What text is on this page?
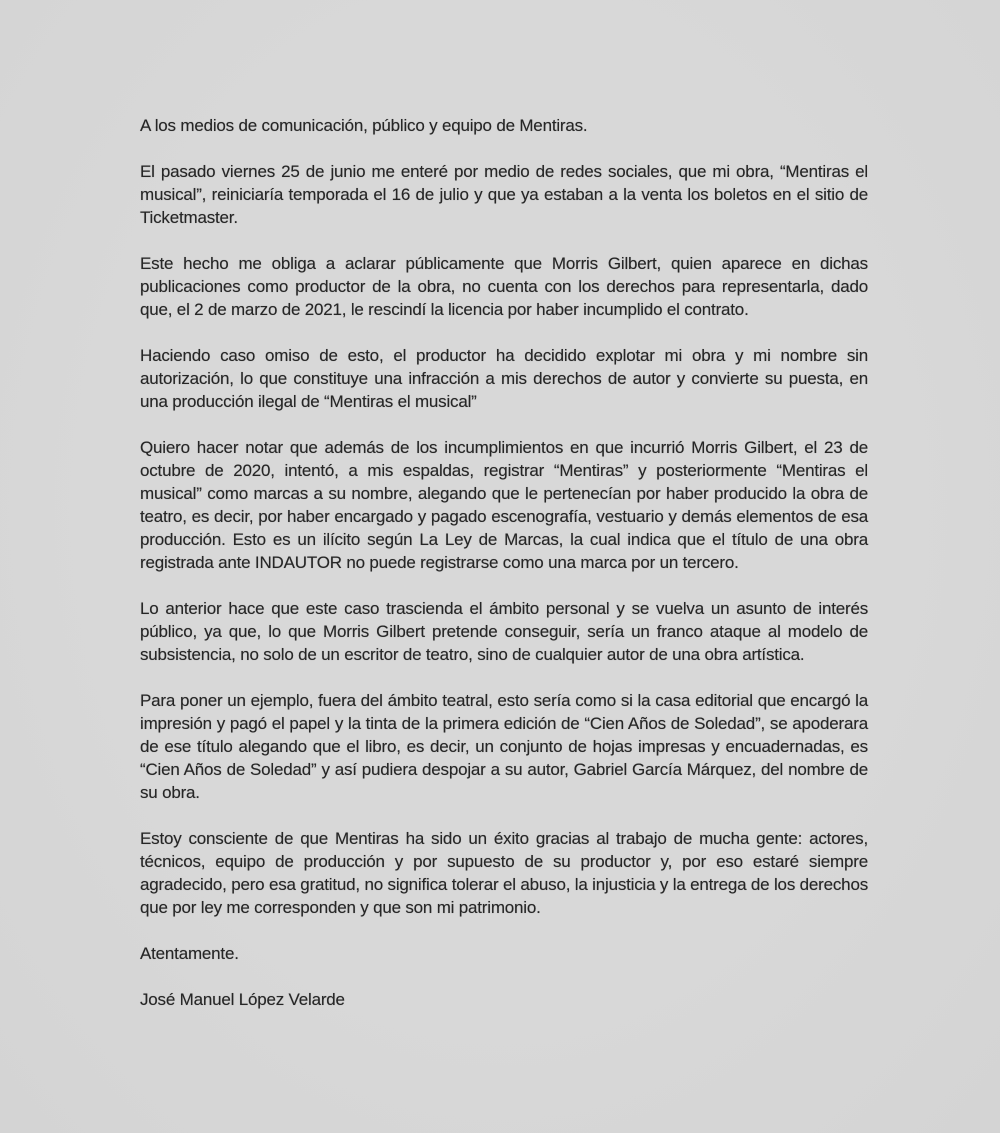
A los medios de comunicación, público y equipo de Mentiras.

El pasado viernes 25 de junio me enteré por medio de redes sociales, que mi obra, “Mentiras el musical”, reiniciaría temporada el 16 de julio y que ya estaban a la venta los boletos en el sitio de Ticketmaster.

Este hecho me obliga a aclarar públicamente que Morris Gilbert, quien aparece en dichas publicaciones como productor de la obra, no cuenta con los derechos para representarla, dado que, el 2 de marzo de 2021, le rescindí la licencia por haber incumplido el contrato.

Haciendo caso omiso de esto, el productor ha decidido explotar mi obra y mi nombre sin autorización, lo que constituye una infracción a mis derechos de autor y convierte su puesta, en una producción ilegal de “Mentiras el musical”

Quiero hacer notar que además de los incumplimientos en que incurrió Morris Gilbert, el 23 de octubre de 2020, intentó, a mis espaldas, registrar “Mentiras” y posteriormente “Mentiras el musical” como marcas a su nombre, alegando que le pertenecían por haber producido la obra de teatro, es decir, por haber encargado y pagado escenografía, vestuario y demás elementos de esa producción. Esto es un ilícito según La Ley de Marcas, la cual indica que el título de una obra registrada ante INDAUTOR no puede registrarse como una marca por un tercero.

Lo anterior hace que este caso trascienda el ámbito personal y se vuelva un asunto de interés público, ya que, lo que Morris Gilbert pretende conseguir, sería un franco ataque al modelo de subsistencia, no solo de un escritor de teatro, sino de cualquier autor de una obra artística.

Para poner un ejemplo, fuera del ámbito teatral, esto sería como si la casa editorial que encargó la impresión y pagó el papel y la tinta de la primera edición de “Cien Años de Soledad”, se apoderara de ese título alegando que el libro, es decir, un conjunto de hojas impresas y encuadernadas, es “Cien Años de Soledad” y así pudiera despojar a su autor, Gabriel García Márquez, del nombre de su obra.

Estoy consciente de que Mentiras ha sido un éxito gracias al trabajo de mucha gente: actores, técnicos, equipo de producción y por supuesto de su productor y, por eso estaré siempre agradecido, pero esa gratitud, no significa tolerar el abuso, la injusticia y la entrega de los derechos que por ley me corresponden y que son mi patrimonio.

Atentamente.

José Manuel López Velarde
